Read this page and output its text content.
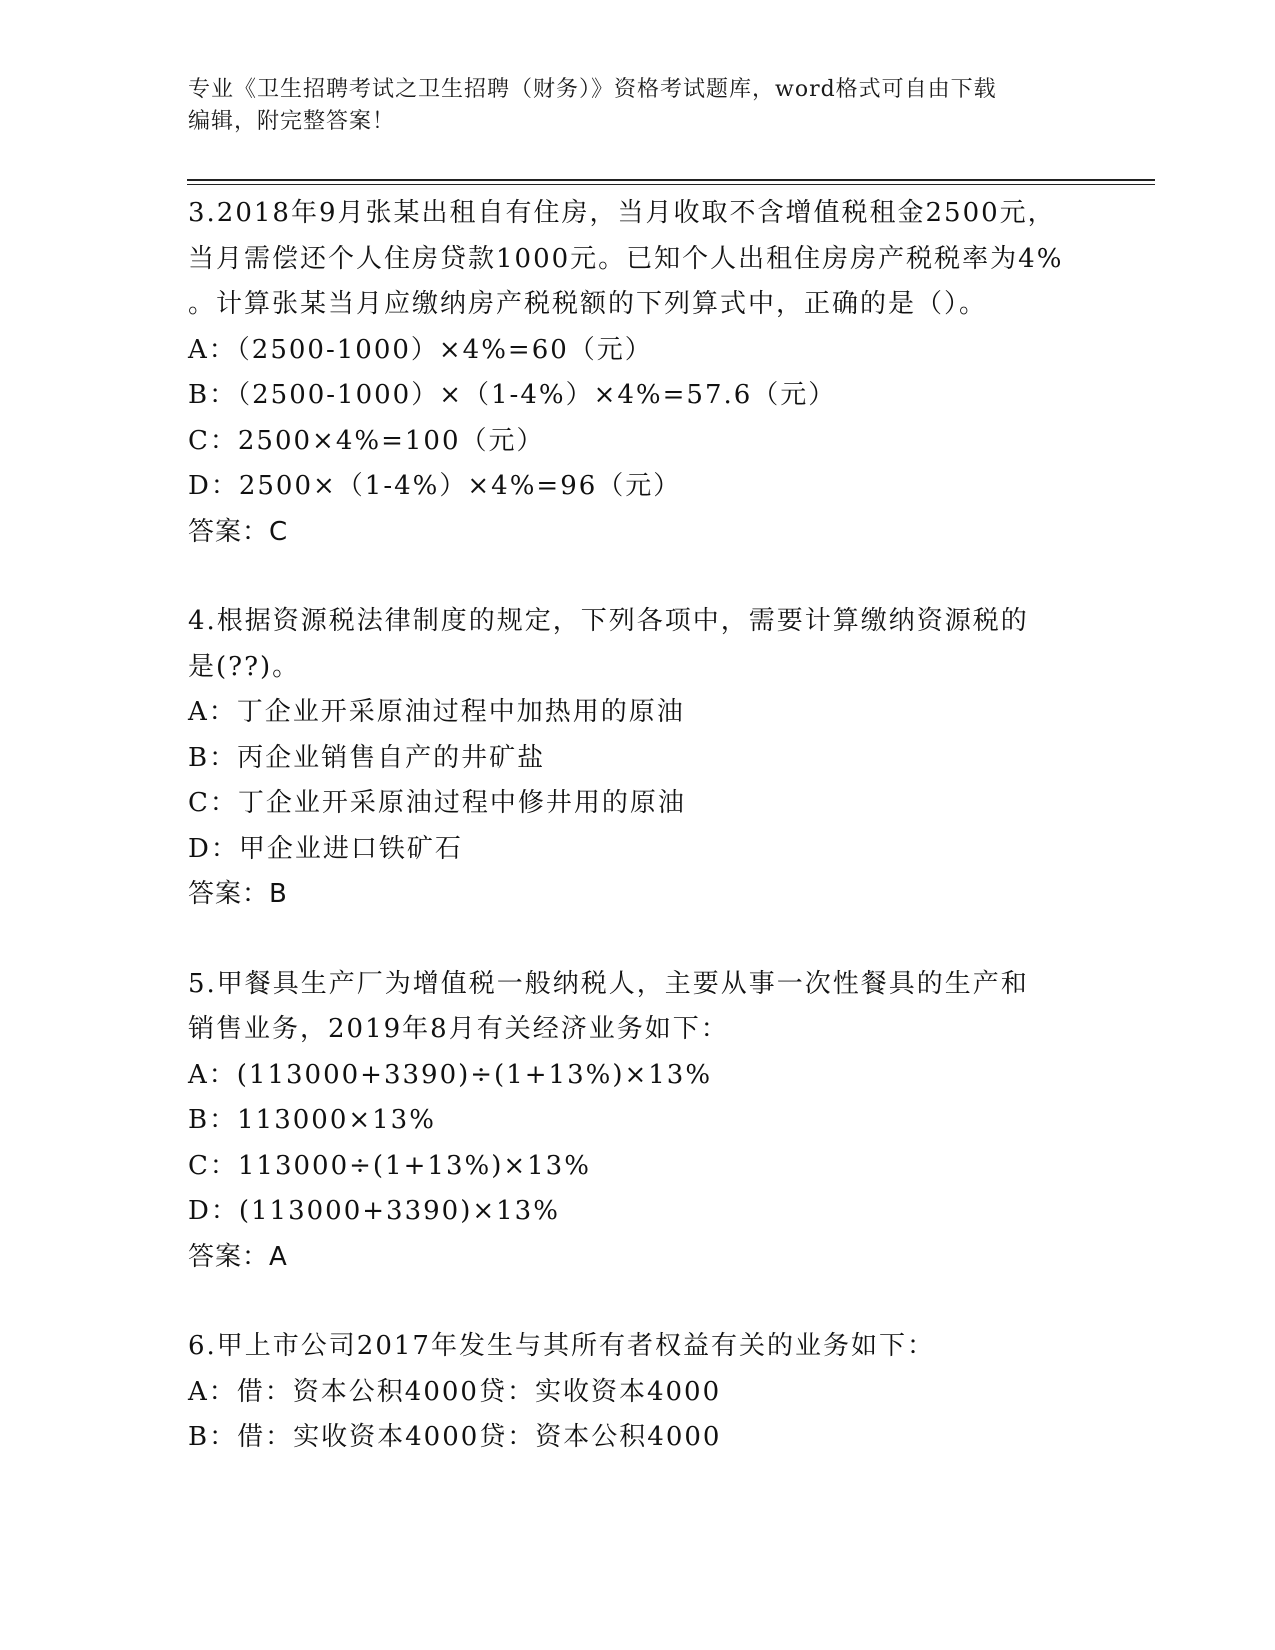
专业《卫生招聘考试之卫生招聘（财务）》资格考试题库，word格式可自由下载
编辑，附完整答案！
3.2018年9月张某出租自有住房，当月收取不含增值税租金2500元，
当月需偿还个人住房贷款1000元。已知个人出租住房房产税税率为4%
。计算张某当月应缴纳房产税税额的下列算式中，正确的是（）。
A：（2500-1000）×4%=60（元）
B：（2500-1000）×（1-4%）×4%=57.6（元）
C：2500×4%=100（元）
D：2500×（1-4%）×4%=96（元）
答案：C
4.根据资源税法律制度的规定，下列各项中，需要计算缴纳资源税的
是(??)。
A：丁企业开采原油过程中加热用的原油
B：丙企业销售自产的井矿盐
C：丁企业开采原油过程中修井用的原油
D：甲企业进口铁矿石
答案：B
5.甲餐具生产厂为增值税一般纳税人，主要从事一次性餐具的生产和
销售业务，2019年8月有关经济业务如下：
A：(113000+3390)÷(1+13%)×13%
B：113000×13%
C：113000÷(1+13%)×13%
D：(113000+3390)×13%
答案：A
6.甲上市公司2017年发生与其所有者权益有关的业务如下：
A：借：资本公积4000贷：实收资本4000
B：借：实收资本4000贷：资本公积4000
